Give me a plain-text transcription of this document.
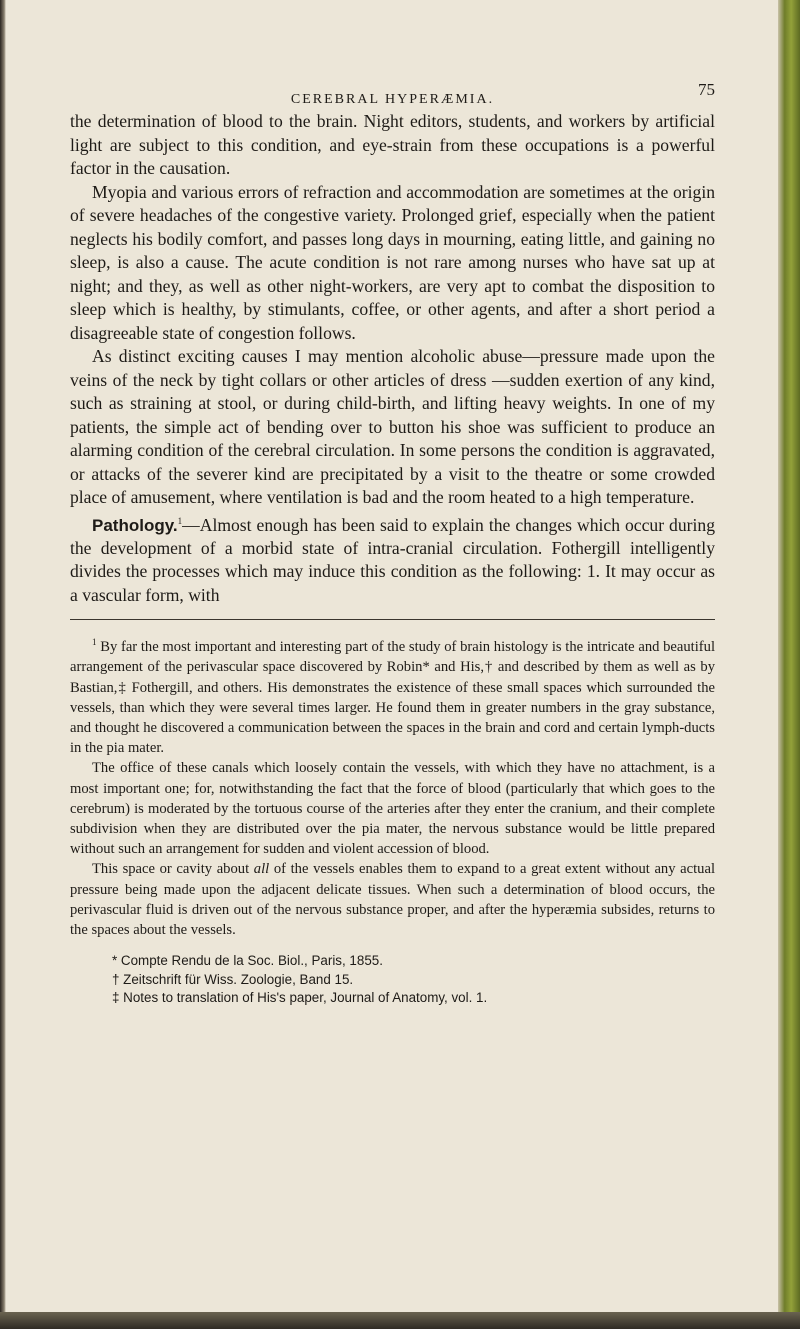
CEREBRAL HYPERÆMIA.
75

the determination of blood to the brain. Night editors, students, and workers by artificial light are subject to this condition, and eye-strain from these occupations is a powerful factor in the causation.

Myopia and various errors of refraction and accommodation are sometimes at the origin of severe headaches of the congestive variety. Prolonged grief, especially when the patient neglects his bodily comfort, and passes long days in mourning, eating little, and gaining no sleep, is also a cause. The acute condition is not rare among nurses who have sat up at night; and they, as well as other night-workers, are very apt to combat the disposition to sleep which is healthy, by stimulants, coffee, or other agents, and after a short period a disagreeable state of congestion follows.

As distinct exciting causes I may mention alcoholic abuse—pressure made upon the veins of the neck by tight collars or other articles of dress —sudden exertion of any kind, such as straining at stool, or during child-birth, and lifting heavy weights. In one of my patients, the simple act of bending over to button his shoe was sufficient to produce an alarming condition of the cerebral circulation. In some persons the condition is aggravated, or attacks of the severer kind are precipitated by a visit to the theatre or some crowded place of amusement, where ventilation is bad and the room heated to a high temperature.

Pathology.$^1$—Almost enough has been said to explain the changes which occur during the development of a morbid state of intra-cranial circulation. Fothergill intelligently divides the processes which may induce this condition as the following: 1. It may occur as a vascular form, with

$^1$ By far the most important and interesting part of the study of brain histology is the intricate and beautiful arrangement of the perivascular space discovered by Robin* and His,† and described by them as well as by Bastian,‡ Fothergill, and others. His demonstrates the existence of these small spaces which surrounded the vessels, than which they were several times larger. He found them in greater numbers in the gray substance, and thought he discovered a communication between the spaces in the brain and cord and certain lymph-ducts in the pia mater.

The office of these canals which loosely contain the vessels, with which they have no attachment, is a most important one; for, notwithstanding the fact that the force of blood (particularly that which goes to the cerebrum) is moderated by the tortuous course of the arteries after they enter the cranium, and their complete subdivision when they are distributed over the pia mater, the nervous substance would be little prepared without such an arrangement for sudden and violent accession of blood.

This space or cavity about all of the vessels enables them to expand to a great extent without any actual pressure being made upon the adjacent delicate tissues. When such a determination of blood occurs, the perivascular fluid is driven out of the nervous substance proper, and after the hyperæmia subsides, returns to the spaces about the vessels.

* Compte Rendu de la Soc. Biol., Paris, 1855.

† Zeitschrift für Wiss. Zoologie, Band 15.

‡ Notes to translation of His's paper, Journal of Anatomy, vol. 1.
